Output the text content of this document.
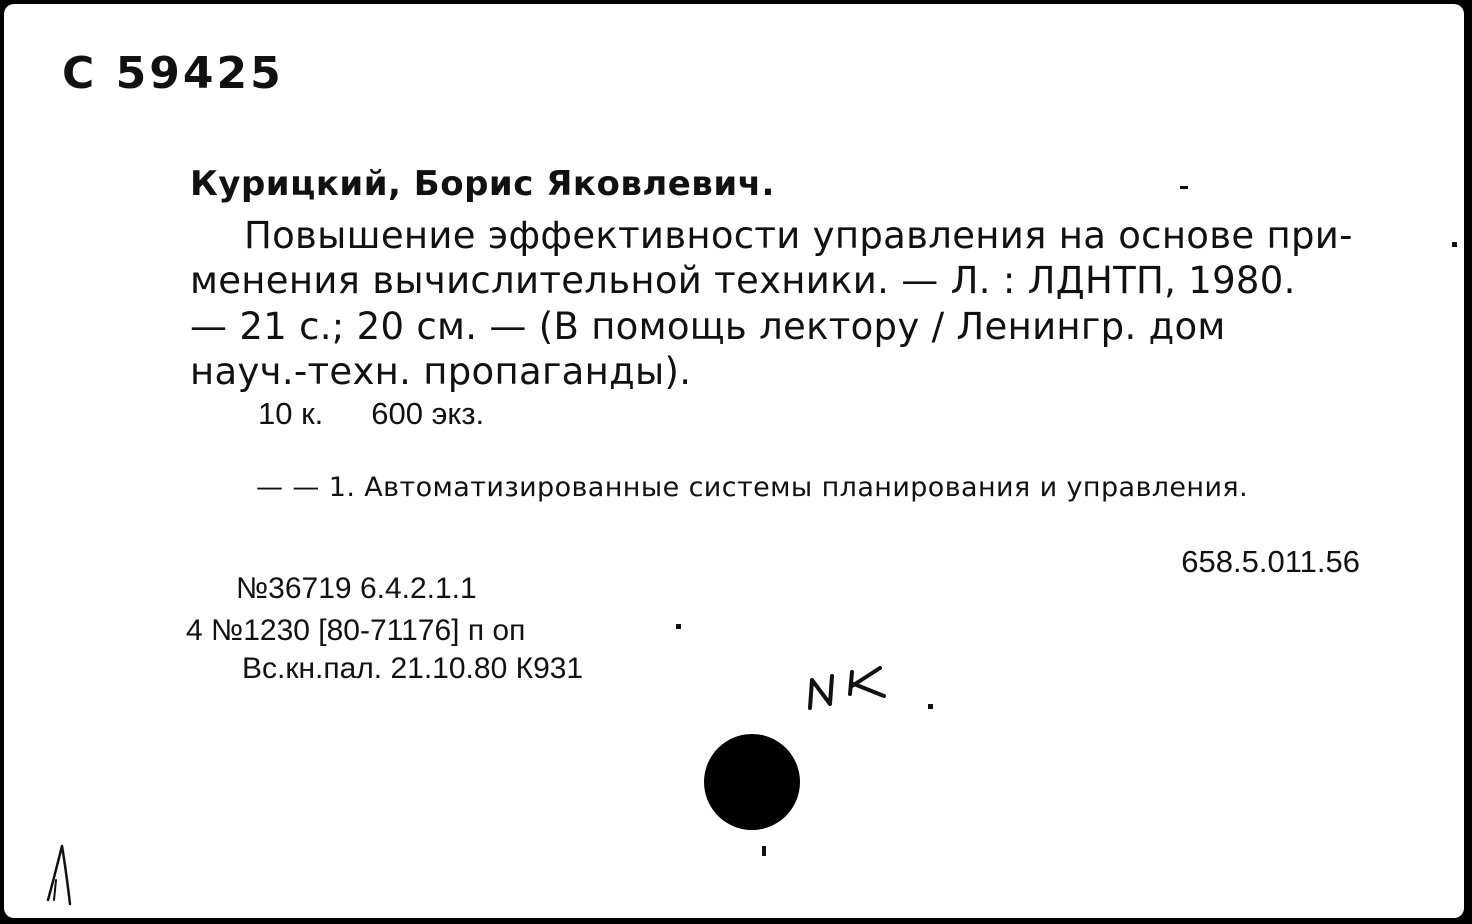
С 59425
Курицкий, Борис Яковлевич.
Повышение эффективности управления на основе при-
менения вычислительной техники. — Л. : ЛДНТП, 1980.
— 21 с.; 20 см. — (В помощь лектору / Ленингр. дом
науч.-техн. пропаганды).
10 к. 600 экз.
— — 1. Автоматизированные системы планирования и управления.
658.5.011.56
№36719 6.4.2.1.1
4 №1230 [80-71176] п оп
Вс.кн.пал. 21.10.80 К931
